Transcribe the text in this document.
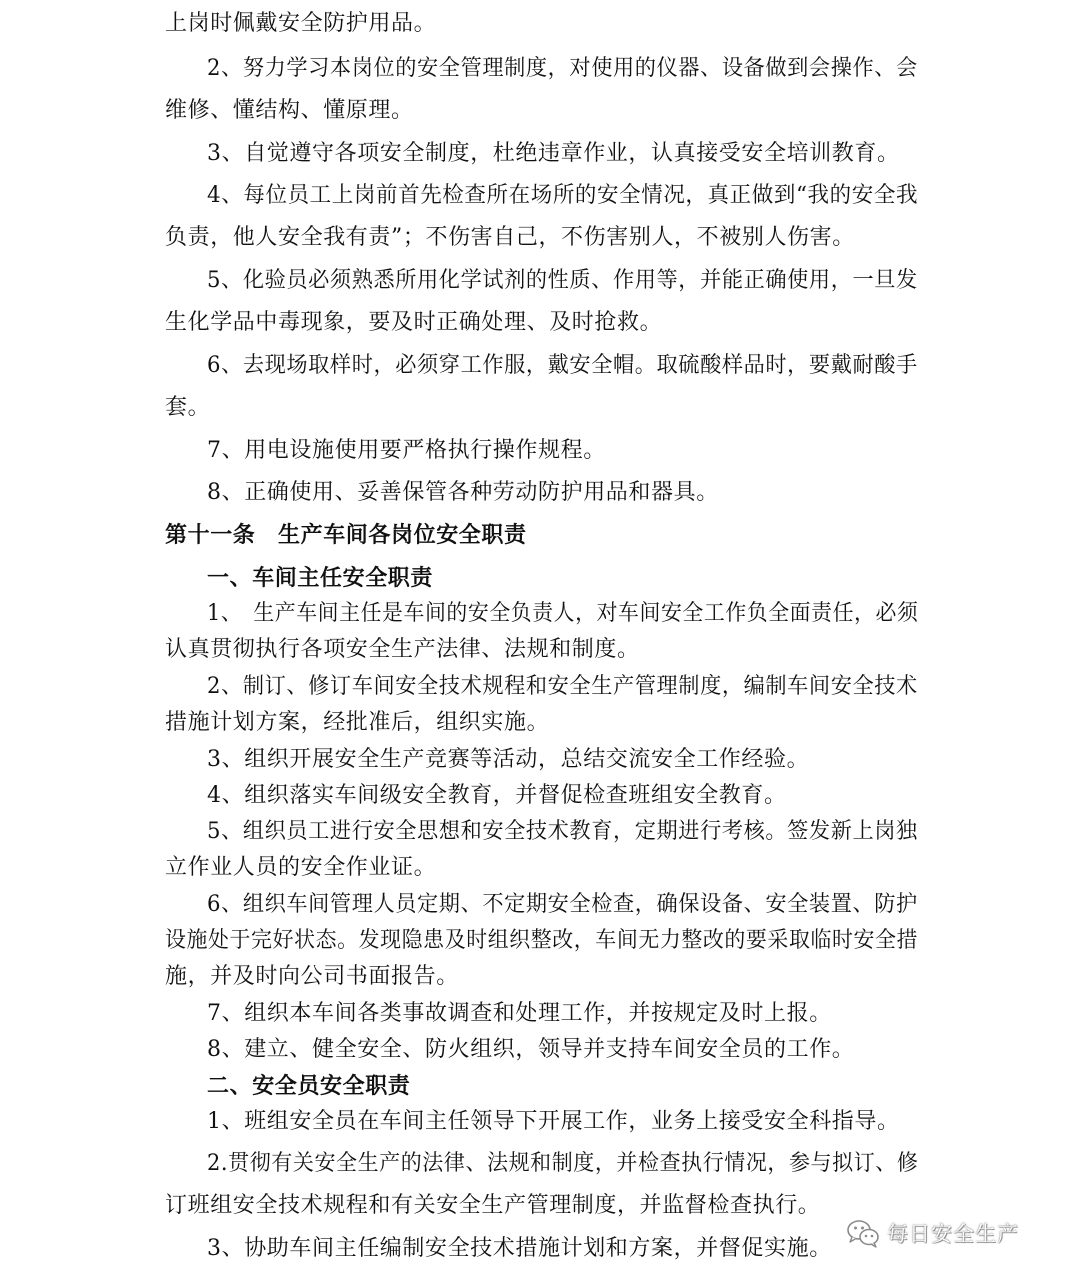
上岗时佩戴安全防护用品。

2、努力学习本岗位的安全管理制度，对使用的仪器、设备做到会操作、会

维修、懂结构、懂原理。

3、自觉遵守各项安全制度，杜绝违章作业，认真接受安全培训教育。

4、每位员工上岗前首先检查所在场所的安全情况，真正做到“我的安全我

负责，他人安全我有责”；不伤害自己，不伤害别人，不被别人伤害。

5、化验员必须熟悉所用化学试剂的性质、作用等，并能正确使用，一旦发

生化学品中毒现象，要及时正确处理、及时抢救。

6、去现场取样时，必须穿工作服，戴安全帽。取硫酸样品时，要戴耐酸手

套。

7、用电设施使用要严格执行操作规程。

8、正确使用、妥善保管各种劳动防护用品和器具。

第十一条　生产车间各岗位安全职责

一、车间主任安全职责

1、　生产车间主任是车间的安全负责人，对车间安全工作负全面责任，必须

认真贯彻执行各项安全生产法律、法规和制度。

2、制订、修订车间安全技术规程和安全生产管理制度，编制车间安全技术

措施计划方案，经批准后，组织实施。

3、组织开展安全生产竞赛等活动，总结交流安全工作经验。

4、组织落实车间级安全教育，并督促检查班组安全教育。

5、组织员工进行安全思想和安全技术教育，定期进行考核。签发新上岗独

立作业人员的安全作业证。

6、组织车间管理人员定期、不定期安全检查，确保设备、安全装置、防护

设施处于完好状态。发现隐患及时组织整改，车间无力整改的要采取临时安全措

施，并及时向公司书面报告。

7、组织本车间各类事故调查和处理工作，并按规定及时上报。

8、建立、健全安全、防火组织，领导并支持车间安全员的工作。

二、安全员安全职责

1、班组安全员在车间主任领导下开展工作，业务上接受安全科指导。

2.贯彻有关安全生产的法律、法规和制度，并检查执行情况，参与拟订、修

订班组安全技术规程和有关安全生产管理制度，并监督检查执行。

3、协助车间主任编制安全技术措施计划和方案，并督促实施。

每日安全生产
